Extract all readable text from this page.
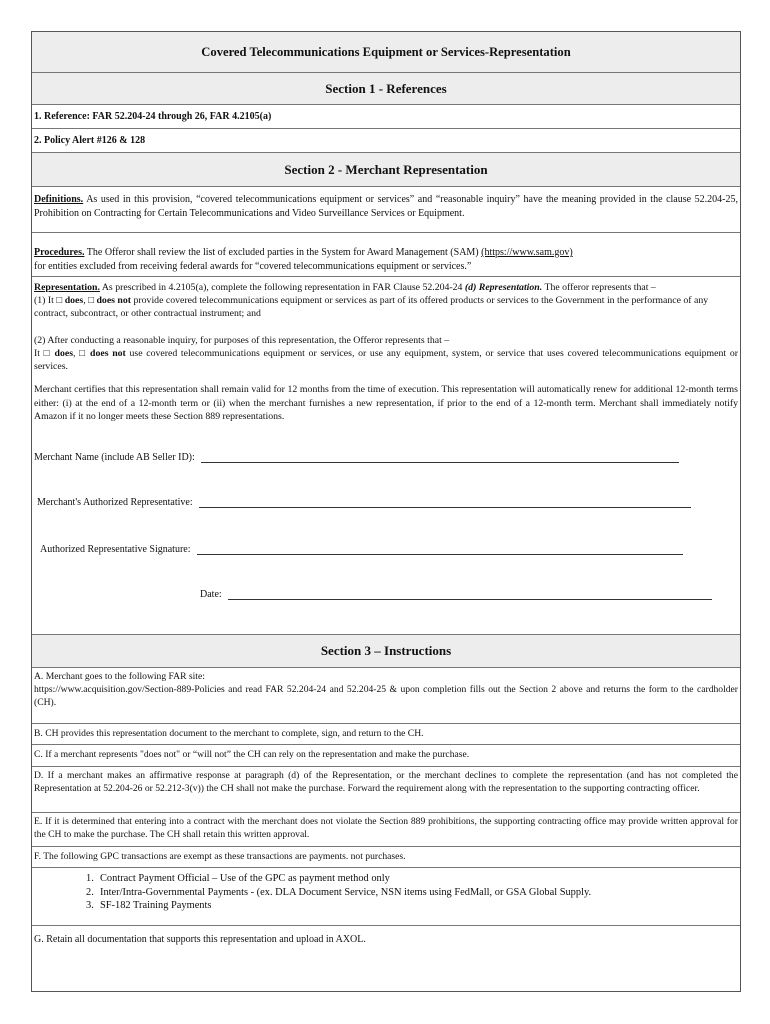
Covered Telecommunications Equipment or Services-Representation
Section 1 - References
1. Reference: FAR 52.204-24 through 26, FAR 4.2105(a)
2. Policy Alert #126 & 128
Section 2 - Merchant Representation
Definitions. As used in this provision, “covered telecommunications equipment or services” and “reasonable inquiry” have the meaning provided in the clause 52.204-25, Prohibition on Contracting for Certain Telecommunications and Video Surveillance Services or Equipment.
Procedures. The Offeror shall review the list of excluded parties in the System for Award Management (SAM) (https://www.sam.gov)
for entities excluded from receiving federal awards for “covered telecommunications equipment or services.”

Representation. As prescribed in 4.2105(a), complete the following representation in FAR Clause 52.204-24 (d) Representation. The offeror represents that –

(1) It □ does, □ does not provide covered telecommunications equipment or services as part of its offered products or services to the Government in the performance of any contract, subcontract, or other contractual instrument; and

(2) After conducting a reasonable inquiry, for purposes of this representation, the Offeror represents that –

It □ does, □ does not use covered telecommunications equipment or services, or use any equipment, system, or service that uses covered telecommunications equipment or services.

Merchant certifies that this representation shall remain valid for 12 months from the time of execution. This representation will automatically renew for additional 12-month terms either: (i) at the end of a 12-month term or (ii) when the merchant furnishes a new representation, if prior to the end of a 12-month term. Merchant shall immediately notify Amazon if it no longer meets these Section 889 representations.

Merchant Name (include AB Seller ID):
Merchant's Authorized Representative:
Authorized Representative Signature:
Date:
Section 3 – Instructions
A. Merchant goes to the following FAR site:
https://www.acquisition.gov/Section-889-Policies and read FAR 52.204-24 and 52.204-25 & upon completion fills out the Section 2 above and returns the form to the cardholder (CH).
B. CH provides this representation document to the merchant to complete, sign, and return to the CH.
C. If a merchant represents "does not" or “will not” the CH can rely on the representation and make the purchase.
D. If a merchant makes an affirmative response at paragraph (d) of the Representation, or the merchant declines to complete the representation (and has not completed the Representation at 52.204-26 or 52.212-3(v)) the CH shall not make the purchase. Forward the requirement along with the representation to the supporting contracting officer.
E. If it is determined that entering into a contract with the merchant does not violate the Section 889 prohibitions, the supporting contracting office may provide written approval for the CH to make the purchase. The CH shall retain this written approval.
F. The following GPC transactions are exempt as these transactions are payments. not purchases.
1. Contract Payment Official – Use of the GPC as payment method only
2. Inter/Intra-Governmental Payments - (ex. DLA Document Service, NSN items using FedMall, or GSA Global Supply.
3. SF-182 Training Payments
G. Retain all documentation that supports this representation and upload in AXOL.
